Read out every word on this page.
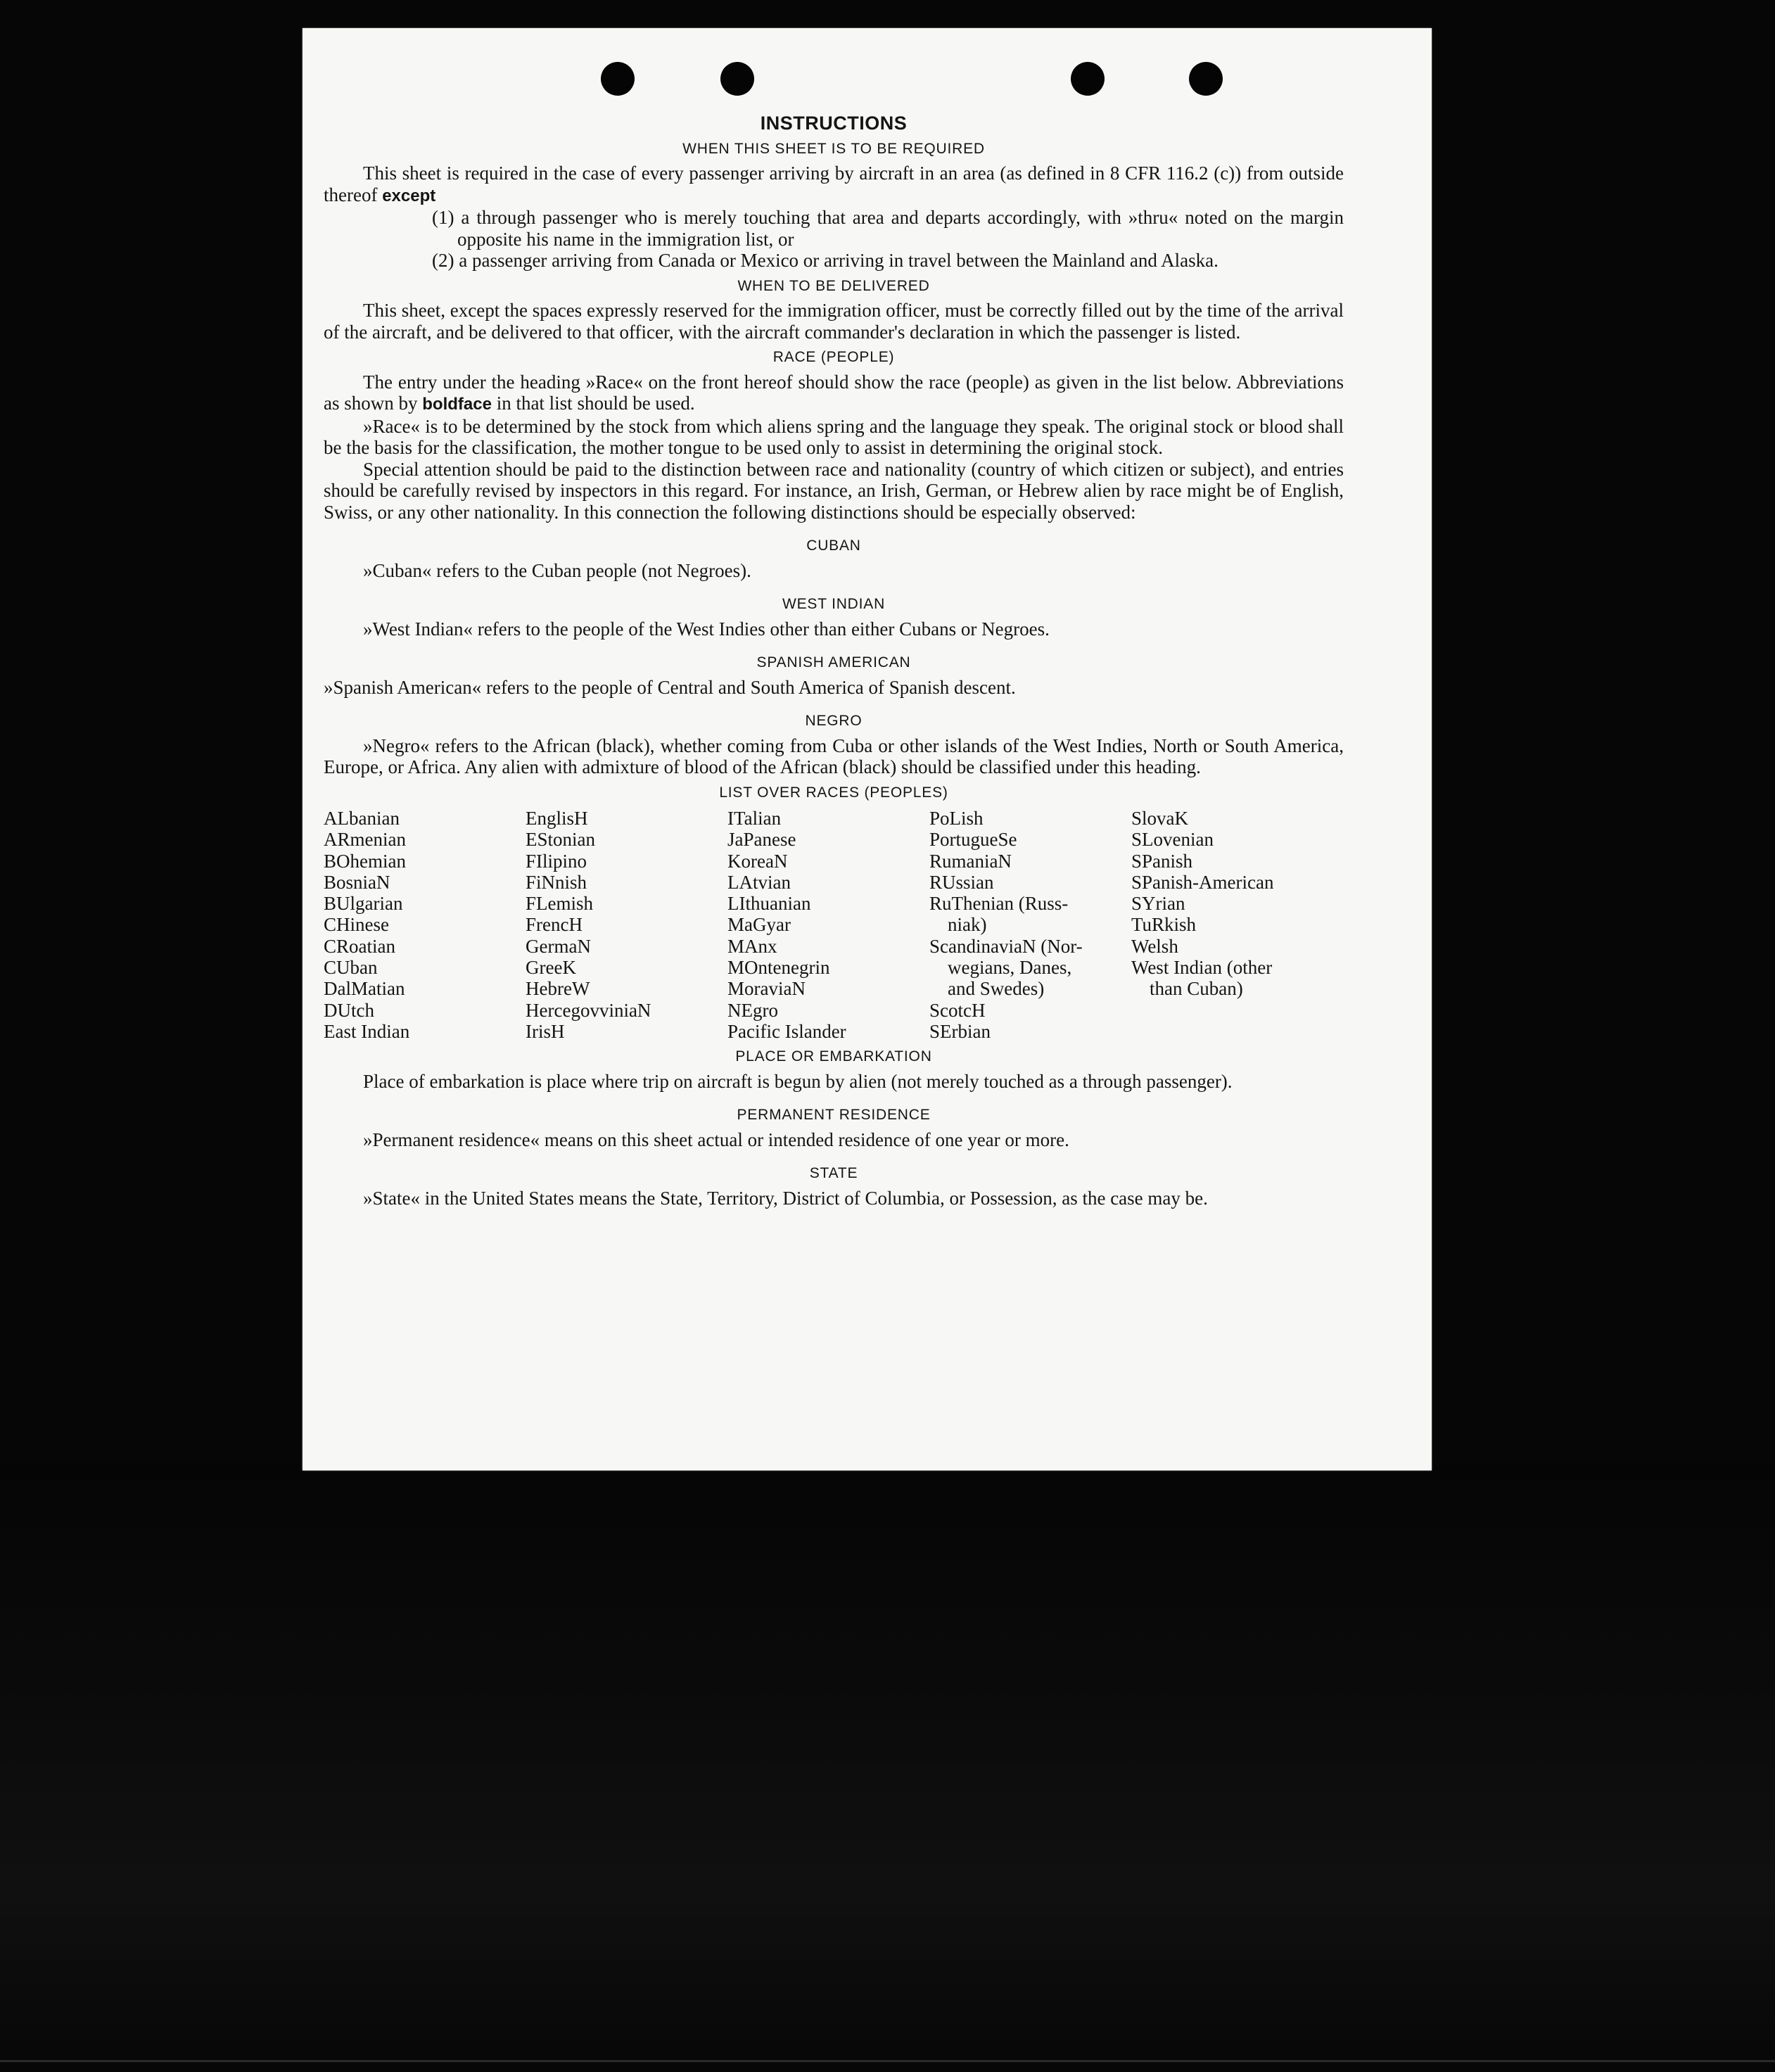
INSTRUCTIONS
WHEN THIS SHEET IS TO BE REQUIRED

This sheet is required in the case of every passenger arriving by aircraft in an area (as defined in 8 CFR 116.2 (c)) from outside thereof except

(1) a through passenger who is merely touching that area and departs accordingly, with »thru« noted on the margin opposite his name in the immigration list, or

(2) a passenger arriving from Canada or Mexico or arriving in travel between the Mainland and Alaska.

WHEN TO BE DELIVERED

This sheet, except the spaces expressly reserved for the immigration officer, must be correctly filled out by the time of the arrival of the aircraft, and be delivered to that officer, with the aircraft commander's declaration in which the passenger is listed.

RACE (PEOPLE)

The entry under the heading »Race« on the front hereof should show the race (people) as given in the list below. Abbreviations as shown by boldface in that list should be used.

»Race« is to be determined by the stock from which aliens spring and the language they speak. The original stock or blood shall be the basis for the classification, the mother tongue to be used only to assist in determining the original stock.

Special attention should be paid to the distinction between race and nationality (country of which citizen or subject), and entries should be carefully revised by inspectors in this regard. For instance, an Irish, German, or Hebrew alien by race might be of English, Swiss, or any other nationality. In this connection the following distinctions should be especially observed:

CUBAN

»Cuban« refers to the Cuban people (not Negroes).

WEST INDIAN

»West Indian« refers to the people of the West Indies other than either Cubans or Negroes.

SPANISH AMERICAN

»Spanish American« refers to the people of Central and South America of Spanish descent.

NEGRO

»Negro« refers to the African (black), whether coming from Cuba or other islands of the West Indies, North or South America, Europe, or Africa. Any alien with admixture of blood of the African (black) should be classified under this heading.

LIST OVER RACES (PEOPLES)
ALbanian
ARmenian
BOhemian
BosniaN
BUlgarian
CHinese
CRoatian
CUban
DalMatian
DUtch
East Indian
EnglisH
EStonian
FIlipino
FiNnish
FLemish
FrencH
GermaN
GreeK
HebreW
HercegovviniaN
IrisH
ITalian
JaPanese
KoreaN
LAtvian
LIthuanian
MaGyar
MAnx
MOntenegrin
MoraviaN
NEgro
Pacific Islander
PoLish
PortugueSe
RumaniaN
RUssian
RuThenian (Russ-
niak)
ScandinaviaN (Nor-
wegians, Danes,
and Swedes)
ScotcH
SErbian
SlovaK
SLovenian
SPanish
SPanish-American
SYrian
TuRkish
Welsh
West Indian (other
than Cuban)
PLACE OR EMBARKATION

Place of embarkation is place where trip on aircraft is begun by alien (not merely touched as a through passenger).

PERMANENT RESIDENCE

»Permanent residence« means on this sheet actual or intended residence of one year or more.

STATE

»State« in the United States means the State, Territory, District of Columbia, or Possession, as the case may be.
